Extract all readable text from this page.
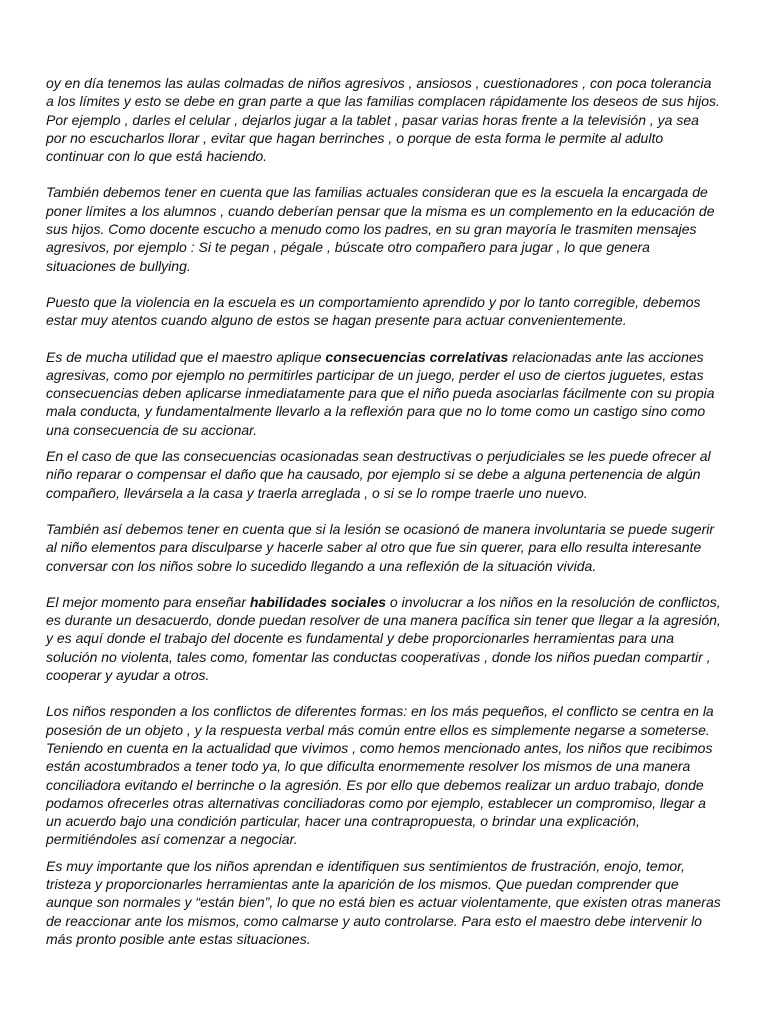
oy en día tenemos las aulas colmadas de niños agresivos , ansiosos , cuestionadores , con poca tolerancia a los límites y esto se debe en gran parte a que las familias complacen rápidamente los deseos de sus hijos. Por ejemplo , darles el celular , dejarlos jugar a la tablet , pasar varias horas frente a la televisión , ya sea por no escucharlos llorar , evitar que hagan berrinches , o porque de esta forma le permite al adulto continuar con lo que está haciendo.

También debemos tener en cuenta que las familias actuales consideran que es la escuela la encargada de poner límites a los alumnos , cuando deberían pensar que la misma es un complemento en la educación de sus hijos. Como docente escucho a menudo como los padres, en su gran mayoría le trasmiten mensajes agresivos, por ejemplo : Si te pegan , pégale , búscate otro compañero para jugar , lo que genera situaciones de bullying.

Puesto que la violencia en la escuela es un comportamiento aprendido y por lo tanto corregible, debemos estar muy atentos cuando alguno de estos se hagan presente para actuar convenientemente.

Es de mucha utilidad que el maestro aplique consecuencias correlativas relacionadas ante las acciones agresivas, como por ejemplo no permitirles participar de un juego, perder el uso de ciertos juguetes, estas consecuencias deben aplicarse inmediatamente para que el niño pueda asociarlas fácilmente con su propia mala conducta, y fundamentalmente llevarlo a la reflexión para que no lo tome como un castigo sino como una consecuencia de su accionar.

En el caso de que las consecuencias ocasionadas sean destructivas o perjudiciales se les puede ofrecer al niño reparar o compensar el daño que ha causado, por ejemplo si se debe a alguna pertenencia de algún compañero, llevársela a la casa y traerla arreglada , o si se lo rompe traerle uno nuevo.

También así debemos tener en cuenta que si la lesión se ocasionó de manera involuntaria se puede sugerir al niño elementos para disculparse y hacerle saber al otro que fue sin querer, para ello resulta interesante conversar con los niños sobre lo sucedido llegando a una reflexión de la situación vivida.

El mejor momento para enseñar habilidades sociales o involucrar a los niños en la resolución de conflictos, es durante un desacuerdo, donde puedan resolver de una manera pacífica sin tener que llegar a la agresión, y es aquí donde el trabajo del docente es fundamental y debe proporcionarles herramientas para una solución no violenta, tales como, fomentar las conductas cooperativas , donde los niños puedan compartir , cooperar y ayudar a otros.

Los niños responden a los conflictos de diferentes formas: en los más pequeños, el conflicto se centra en la posesión de un objeto , y la respuesta verbal más común entre ellos es simplemente negarse a someterse. Teniendo en cuenta en la actualidad que vivimos , como hemos mencionado antes, los niños que recibimos están acostumbrados a tener todo ya, lo que dificulta enormemente resolver los mismos de una manera conciliadora evitando el berrinche o la agresión. Es por ello que debemos realizar un arduo trabajo, donde podamos ofrecerles otras alternativas conciliadoras como por ejemplo, establecer un compromiso, llegar a un acuerdo bajo una condición particular, hacer una contrapropuesta, o brindar una explicación, permitiéndoles así comenzar a negociar.

Es muy importante que los niños aprendan e identifiquen sus sentimientos de frustración, enojo, temor, tristeza y proporcionarles herramientas ante la aparición de los mismos. Que puedan comprender que aunque son normales y “están bien”, lo que no está bien es actuar violentamente, que existen otras maneras de reaccionar ante los mismos, como calmarse y auto controlarse. Para esto el maestro debe intervenir lo más pronto posible ante estas situaciones.
